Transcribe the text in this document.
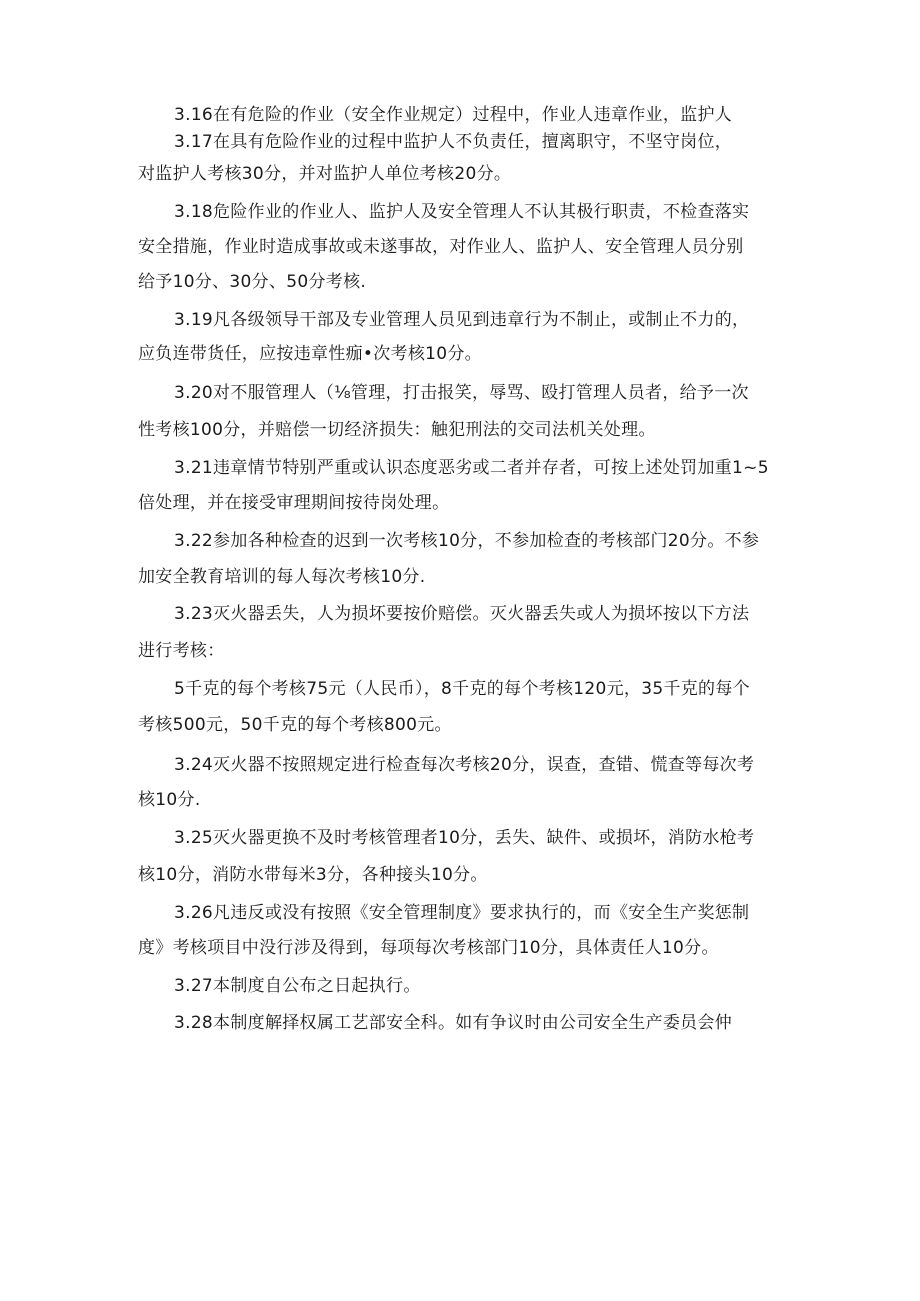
3.16在有危险的作业（安全作业规定）过程中，作业人违章作业，监护人
3.17在具有危险作业的过程中监护人不负责任，擅离职守，不坚守岗位，
对监护人考核30分，并对监护人单位考核20分。
3.18危险作业的作业人、监护人及安全管理人不认其极行职责，不检查落实
安全措施，作业时造成事故或未遂事故，对作业人、监护人、安全管理人员分别
给予10分、30分、50分考核.
3.19凡各级领导干部及专业管理人员见到违章行为不制止，或制止不力的，
应负连带货任，应按违章性痂•次考核10分。
3.20对不服管理人（⅛管理，打击报笑，辱骂、殴打管理人员者，给予一次
性考核100分，并赔偿一切经济损失：触犯刑法的交司法机关处理。
3.21违章情节特别严重或认识态度恶劣或二者并存者，可按上述处罚加重1~5
倍处理，并在接受审理期间按待岗处理。
3.22参加各种检查的迟到一次考核10分，不参加检查的考核部门20分。不参
加安全教育培训的每人每次考核10分.
3.23灭火器丢失，人为损坏要按价赔偿。灭火器丢失或人为损坏按以下方法
进行考核：
5千克的每个考核75元（人民币），8千克的每个考核120元，35千克的每个
考核500元，50千克的每个考核800元。
3.24灭火器不按照规定进行检查每次考核20分，误查，查错、慌查等每次考
核10分.
3.25灭火器更换不及时考核管理者10分，丢失、缺件、或损坏，消防水枪考
核10分，消防水带每米3分，各种接头10分。
3.26凡违反或没有按照《安全管理制度》要求执行的，而《安全生产奖惩制
度》考核项目中没行涉及得到，每项每次考核部门10分，具体责任人10分。
3.27本制度自公布之日起执行。
3.28本制度解择权属工艺部安全科。如有争议时由公司安全生产委员会仲
